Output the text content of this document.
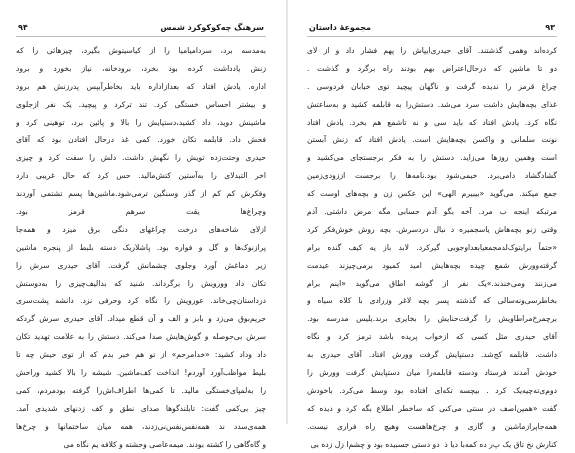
سرهنگ چه‌کوکوکرد شمس
۹۴
به‌مدسه برد، سردامیامیا را از کیاسیتوش بگیرد، چیزهائی را که
زنش یادداشت کرده بود بخرد، برود‌خانه، نیاز بخورد و برود
اداره. یادش افتاد که بعداز‌اداره باید بخاطر‌آبپس پدرزنش هم برود
و بیشتر احساس خستگی کرد. تند ترکرد و پیچید. یک نفر از‌جلوی
ماشینش دوید، داد کشید،دستپایش را بالا و پائین برد، توهینی کرد و
فحش داد. قابلمه تکان خورد. کمی غذ در‌حال افتادن بود که آقای
حیدری و‌حتت‌زده تویش را نگهش داشت. دلش را سفت کرد و چیزی
اخر التبدلا‌ی را به‌آستین کتش‌مالید. حس کرد که حال غریبی دارد
و‌فکرش کم کم از گذر و‌سنگین ترمی‌شود.ماشین‌ها پسم تشتمی آوردند
و‌چراغ‌ها یقت سرهم قرمز بود.
از‌لای شاخه‌های درخت چراغهای دنگی برق میزد و همه‌جا
پرازنوک‌ها و گل و فواره بود. پاشلاریک دسته بلبط از پنجره ماشین
زیر دماغش آورد و‌جلوی چشمانش گرفت. آقای حیدری سرش را
تکان داد و‌ورویش را برگرداند. شنید که بدالیف‌چیزی را به‌دوستش
در‌داستان‌چی‌خاند. عورویش را نگاه کرد و‌حرفی نزد. دانشه پشت‌سری
حریم‌بوق می‌زد و با‌بز و الف و آن قطع میداد. آقای حیدری سرش گردکه
سرش بی‌حوصله و گوش‌هایش صدا می‌کند. دستش را به علامت تهدید تکان
داد و‌داد کشید: «خدا‌مرحم» از تو هم خبر بدم که از توی حیش چه تا
بلیط مواظب‌آورد ‌آوردم! انداخت کف‌ماشین. شیشه را بالا کشید و‌راحش
را به‌لمپای‌خستگی مالید. تا کمی‌ها اطراف‌اش‌را گرفته بود‌مردم‌، کمی
چیز بی‌کمی گفت: تا‌بلند‌گوها صدای‌ نطق و کف زدنهای شدیدی آمد.
همه‌ی‌سدد‌ ند ‌همه‌نفس‌نفس‌نی‌زدند، همه میان ساختمانها و چرخ‌ها
و گاه‌گاهی را کشته بودند. میمه‌عاصی وحشته و کلافه یم نگاه می‌
مجموعهٔ داستان	۹۳
کرده‌اند و‌همی گذشتند. آقای حیدری‌ایپاش را پهم فشار داد و از لای
دو تا ماشین که در‌حال‌اعتراض بهم بودند راه برگرد و گذشت .
چراغ قرمز را ندیده گرفت و ناگهان پیچید توی خیابان فردوسی .
غذای بچه‌هایش داشت سرد می‌شد. دستش‌را به قابلمه کشید و به‌ساعتش
نگاه کرد. یادش افتاد که باید سی و نه تاشمع هم بخرد. یادش افتاد
نونت سلمانی و واکسن بچه‌هایش است. یادش افتاد که زنش آبستن
است و‌همین روزها می‌زاید. دستش را به فکر برجستجا‌ی می‌کشید و
گشادگشاد دامی‌برد. خیمی‌شود بود.نامه‌ها را برجست اززودی‌زمین
جمع میکند. می‌گوید «بیبیرم الهی» این عکس زن و بچه‌های اوست که
مرتبکه اینجه ب مرد. آخه بگو آدم حسابی مگه مرض داشتی. آدم
وقتی زنو بچه‌هاش یاسجمیره د ‌نبال‌ دردسر‌ش. بچه‌ روش خوش‌فکر کرد
«حتماً برا‌یتوک‌لدمجمعیا‌بعداوجوبی‌ گیرکرد‌. لابد باز یه کیف گنده برام
گرفته‌وورش‌ شمع چیده بچه‌هایش ‌امید کمیود برمی‌چیز‌ند‌ عید‌مت
می‌زنند ومی‌خندند.»یک نفر از گوشه اطاق می‌گوید «اینم برام
بخاطرسی‌ونه‌سالی که گذشته پسر بچه لاغر وزرادی با کلاه سیاه و
برچمرخ‌مراطاویش را گرفت‌حنایش را بخایری بر‌ند‌.یلیس مدرسه بود.
آقای حیدری مثل کسی که از‌خواب پریده باشد ترمز کرد و نگاه
داشت. قابلمه کج‌شد. دستپایش گرفت و‌ورش افتاد. آقای حیدری به
خودش آمدند فرستاد ودسته قابلمه‌را میان دستپایش گرفت‌ وورش را
دوم‌ی‌ته‌چیه‌یک کرد . بیچسه تکه‌ای افتاده‌ بود وسط می‌کرد. با‌خودش
گفت «همین‌‌‌اصف در سنتی می‌کنی که ‌ساخطر اطلاع بگه کرد و دیده که
همه‌جا‌پر‌از‌ماشین و گاری و چرخ‌ها‌هست وهیچ راه فراری نیست.
کنارش‌ نخ‌ تا‌ق‌ یک‌ پ‌ر ده‌‌ کمه‌با‌ دیا ذ‌ ‌ دو ‌دستی‌ جسبیده ‌بود و چشم‌‌ا ‌زل‌ ‌زده بی
